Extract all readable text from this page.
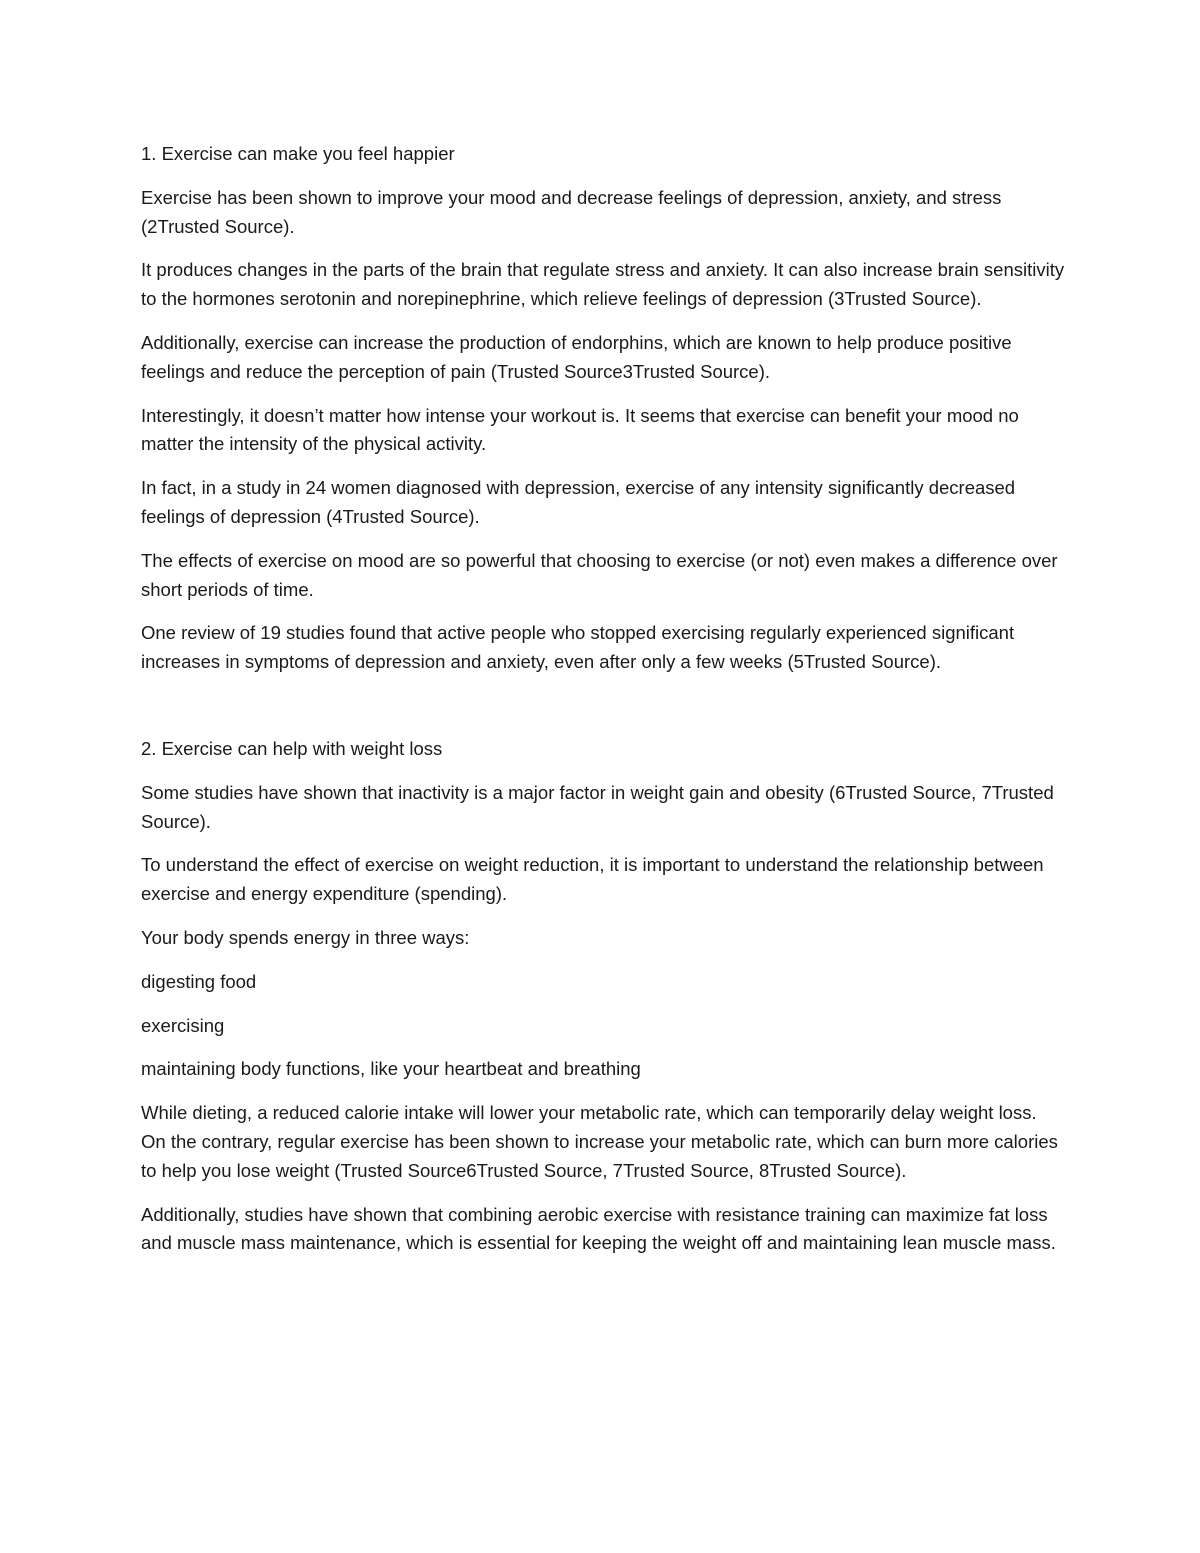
1. Exercise can make you feel happier

Exercise has been shown to improve your mood and decrease feelings of depression, anxiety, and stress (2Trusted Source).

It produces changes in the parts of the brain that regulate stress and anxiety. It can also increase brain sensitivity to the hormones serotonin and norepinephrine, which relieve feelings of depression (3Trusted Source).

Additionally, exercise can increase the production of endorphins, which are known to help produce positive feelings and reduce the perception of pain (Trusted Source3Trusted Source).

Interestingly, it doesn’t matter how intense your workout is. It seems that exercise can benefit your mood no matter the intensity of the physical activity.

In fact, in a study in 24 women diagnosed with depression, exercise of any intensity significantly decreased feelings of depression (4Trusted Source).

The effects of exercise on mood are so powerful that choosing to exercise (or not) even makes a difference over short periods of time.

One review of 19 studies found that active people who stopped exercising regularly experienced significant increases in symptoms of depression and anxiety, even after only a few weeks (5Trusted Source).

2. Exercise can help with weight loss

Some studies have shown that inactivity is a major factor in weight gain and obesity (6Trusted Source, 7Trusted Source).

To understand the effect of exercise on weight reduction, it is important to understand the relationship between exercise and energy expenditure (spending).

Your body spends energy in three ways:

digesting food

exercising

maintaining body functions, like your heartbeat and breathing

While dieting, a reduced calorie intake will lower your metabolic rate, which can temporarily delay weight loss. On the contrary, regular exercise has been shown to increase your metabolic rate, which can burn more calories to help you lose weight (Trusted Source6Trusted Source, 7Trusted Source, 8Trusted Source).

Additionally, studies have shown that combining aerobic exercise with resistance training can maximize fat loss and muscle mass maintenance, which is essential for keeping the weight off and maintaining lean muscle mass.
